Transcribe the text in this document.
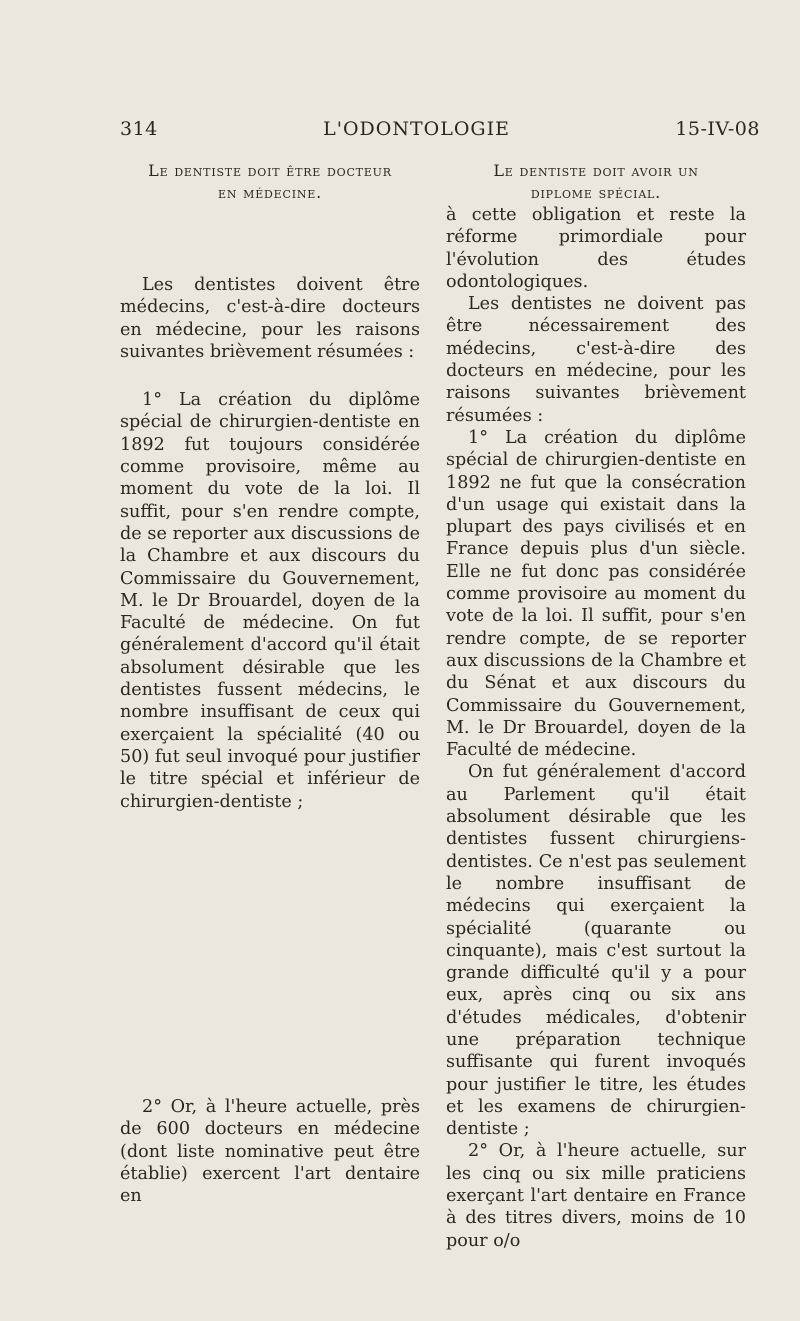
314	L'ODONTOLOGIE	15-IV-08

Le dentiste doit être docteur

en médecine.

Les dentistes doivent être médecins, c'est-à-dire docteurs en médecine, pour les raisons suivantes brièvement résumées :

1° La création du diplôme spécial de chirurgien-dentiste en 1892 fut toujours considérée comme provisoire, même au moment du vote de la loi. Il suffit, pour s'en rendre compte, de se reporter aux discussions de la Chambre et aux discours du Commissaire du Gouvernement, M. le Dr Brouardel, doyen de la Faculté de médecine. On fut généralement d'accord qu'il était absolument désirable que les dentistes fussent médecins, le nombre insuffisant de ceux qui exerçaient la spécialité (40 ou 50) fut seul invoqué pour justifier le titre spécial et inférieur de chirurgien-dentiste ;

2° Or, à l'heure actuelle, près de 600 docteurs en médecine (dont liste nominative peut être établie) exercent l'art dentaire en

Le dentiste doit avoir un

diplome spécial.

à cette obligation et reste la réforme primordiale pour l'évolution des études odontologiques.

Les dentistes ne doivent pas être nécessairement des médecins, c'est-à-dire des docteurs en médecine, pour les raisons suivantes brièvement résumées :

1° La création du diplôme spécial de chirurgien-dentiste en 1892 ne fut que la consécration d'un usage qui existait dans la plupart des pays civilisés et en France depuis plus d'un siècle. Elle ne fut donc pas considérée comme provisoire au moment du vote de la loi. Il suffit, pour s'en rendre compte, de se reporter aux discussions de la Chambre et du Sénat et aux discours du Commissaire du Gouvernement, M. le Dr Brouardel, doyen de la Faculté de médecine.

On fut généralement d'accord au Parlement qu'il était absolument désirable que les dentistes fussent chirurgiens-dentistes. Ce n'est pas seulement le nombre insuffisant de médecins qui exerçaient la spécialité (quarante ou cinquante), mais c'est surtout la grande difficulté qu'il y a pour eux, après cinq ou six ans d'études médicales, d'obtenir une préparation technique suffisante qui furent invoqués pour justifier le titre, les études et les examens de chirurgien-dentiste ;

2° Or, à l'heure actuelle, sur les cinq ou six mille praticiens exerçant l'art dentaire en France à des titres divers, moins de 10 pour o/o
